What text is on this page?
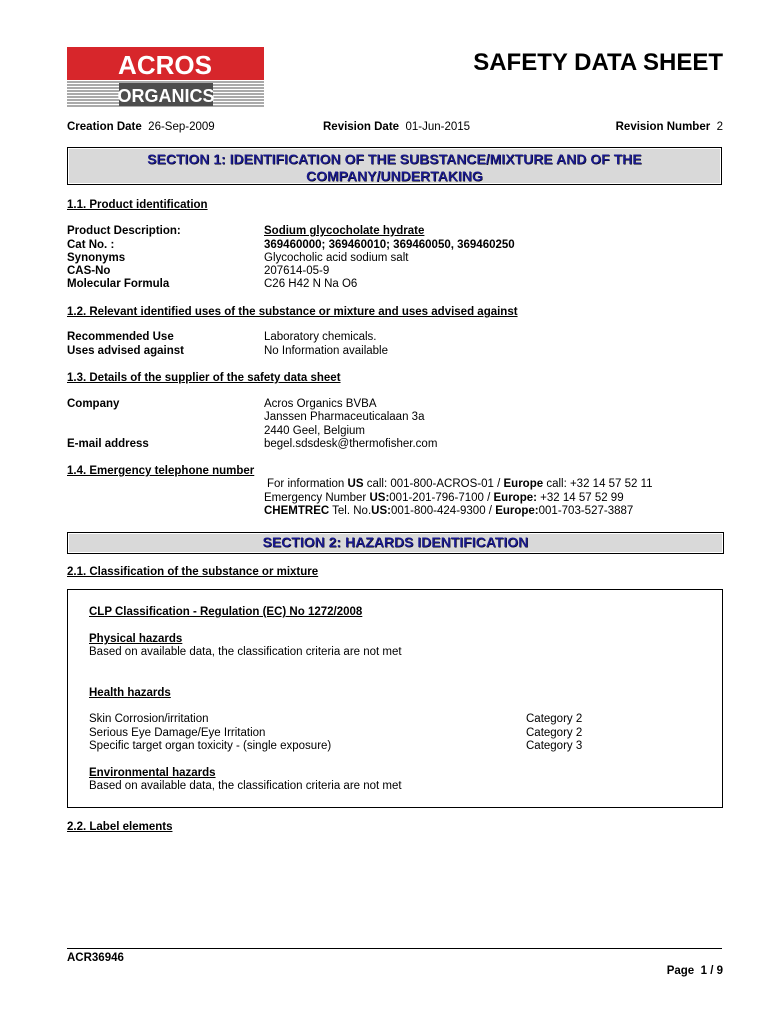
ACROS
ORGANICS
SAFETY DATA SHEET
Creation Date 26-Sep-2009	Revision Date 01-Jun-2015	Revision Number 2
SECTION 1: IDENTIFICATION OF THE SUBSTANCE/MIXTURE AND OF THE
COMPANY/UNDERTAKING
1.1. Product identification
Product Description:	Sodium glycocholate hydrate
Cat No. :	369460000; 369460010; 369460050, 369460250
Synonyms	Glycocholic acid sodium salt
CAS-No	207614-05-9
Molecular Formula	C26 H42 N Na O6
1.2. Relevant identified uses of the substance or mixture and uses advised against
Recommended Use	Laboratory chemicals.
Uses advised against	No Information available
1.3. Details of the supplier of the safety data sheet
Company	Acros Organics BVBA
Janssen Pharmaceuticalaan 3a
2440 Geel, Belgium
E-mail address	begel.sdsdesk@thermofisher.com
1.4. Emergency telephone number
For information US call: 001-800-ACROS-01 / Europe call: +32 14 57 52 11
Emergency Number US:001-201-796-7100 / Europe: +32 14 57 52 99
CHEMTREC Tel. No.US:001-800-424-9300 / Europe:001-703-527-3887
SECTION 2: HAZARDS IDENTIFICATION
2.1. Classification of the substance or mixture
CLP Classification - Regulation (EC) No 1272/2008
Physical hazards
Based on available data, the classification criteria are not met
Health hazards
Skin Corrosion/irritation	Category 2
Serious Eye Damage/Eye Irritation	Category 2
Specific target organ toxicity - (single exposure)	Category 3
Environmental hazards
Based on available data, the classification criteria are not met
2.2. Label elements
ACR36946
Page 1 / 9
